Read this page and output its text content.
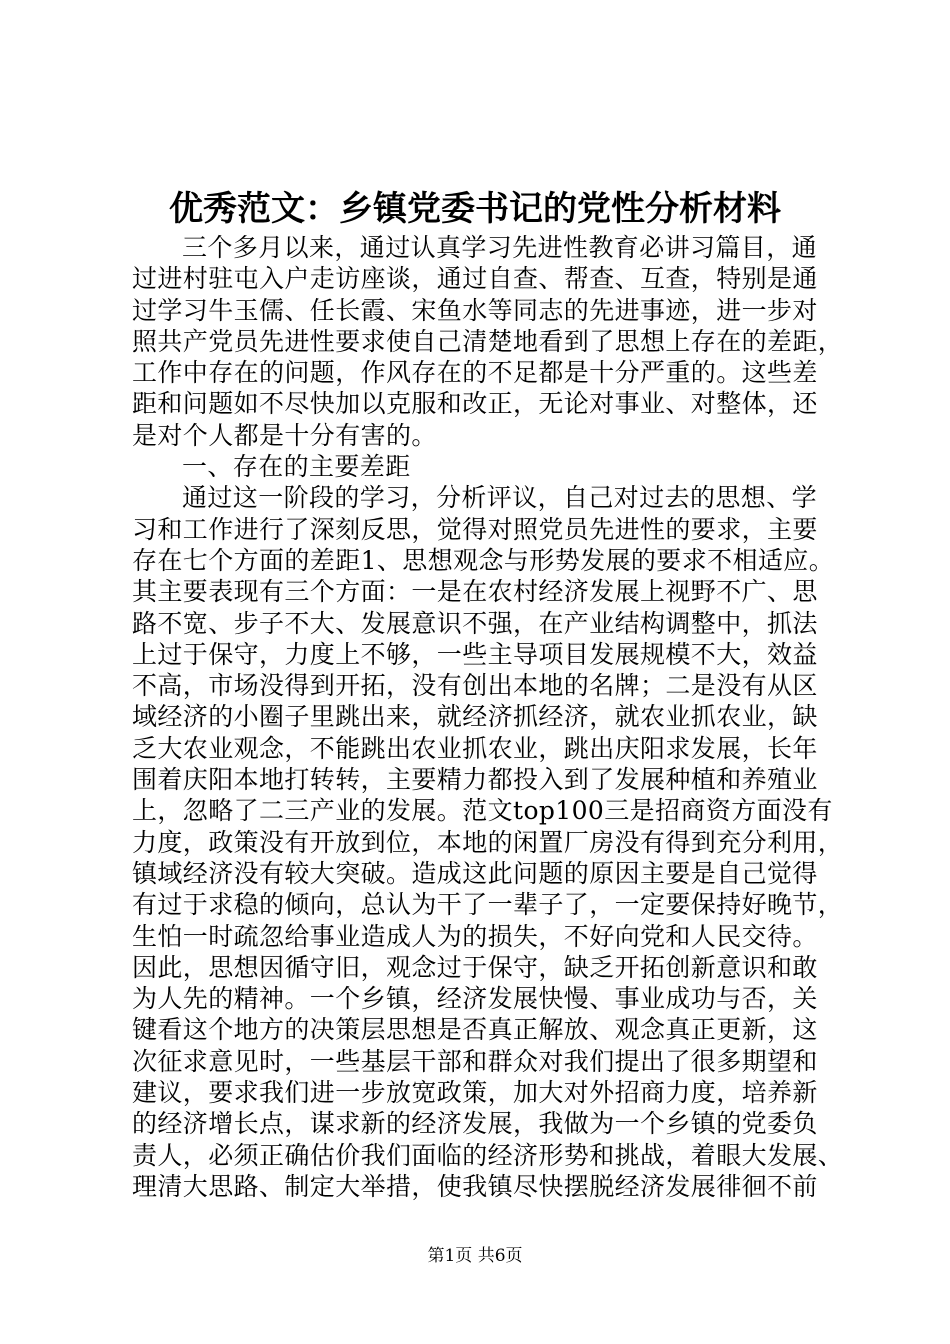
优秀范文：乡镇党委书记的党性分析材料
三个多月以来，通过认真学习先进性教育必讲习篇目，通
过进村驻屯入户走访座谈，通过自查、帮查、互查，特别是通
过学习牛玉儒、任长霞、宋鱼水等同志的先进事迹，进一步对
照共产党员先进性要求使自己清楚地看到了思想上存在的差距，
工作中存在的问题，作风存在的不足都是十分严重的。这些差
距和问题如不尽快加以克服和改正，无论对事业、对整体，还
是对个人都是十分有害的。
一、存在的主要差距
通过这一阶段的学习，分析评议，自己对过去的思想、学
习和工作进行了深刻反思，觉得对照党员先进性的要求，主要
存在七个方面的差距1、思想观念与形势发展的要求不相适应。
其主要表现有三个方面：一是在农村经济发展上视野不广、思
路不宽、步子不大、发展意识不强，在产业结构调整中，抓法
上过于保守，力度上不够，一些主导项目发展规模不大，效益
不高，市场没得到开拓，没有创出本地的名牌；二是没有从区
域经济的小圈子里跳出来，就经济抓经济，就农业抓农业，缺
乏大农业观念，不能跳出农业抓农业，跳出庆阳求发展，长年
围着庆阳本地打转转，主要精力都投入到了发展种植和养殖业
上，忽略了二三产业的发展。范文top100三是招商资方面没有
力度，政策没有开放到位，本地的闲置厂房没有得到充分利用，
镇域经济没有较大突破。造成这此问题的原因主要是自己觉得
有过于求稳的倾向，总认为干了一辈子了，一定要保持好晚节，
生怕一时疏忽给事业造成人为的损失，不好向党和人民交待。
因此，思想因循守旧，观念过于保守，缺乏开拓创新意识和敢
为人先的精神。一个乡镇，经济发展快慢、事业成功与否，关
键看这个地方的决策层思想是否真正解放、观念真正更新，这
次征求意见时，一些基层干部和群众对我们提出了很多期望和
建议，要求我们进一步放宽政策，加大对外招商力度，培养新
的经济增长点，谋求新的经济发展，我做为一个乡镇的党委负
责人，必须正确估价我们面临的经济形势和挑战，着眼大发展、
理清大思路、制定大举措，使我镇尽快摆脱经济发展徘徊不前
第1页 共6页
